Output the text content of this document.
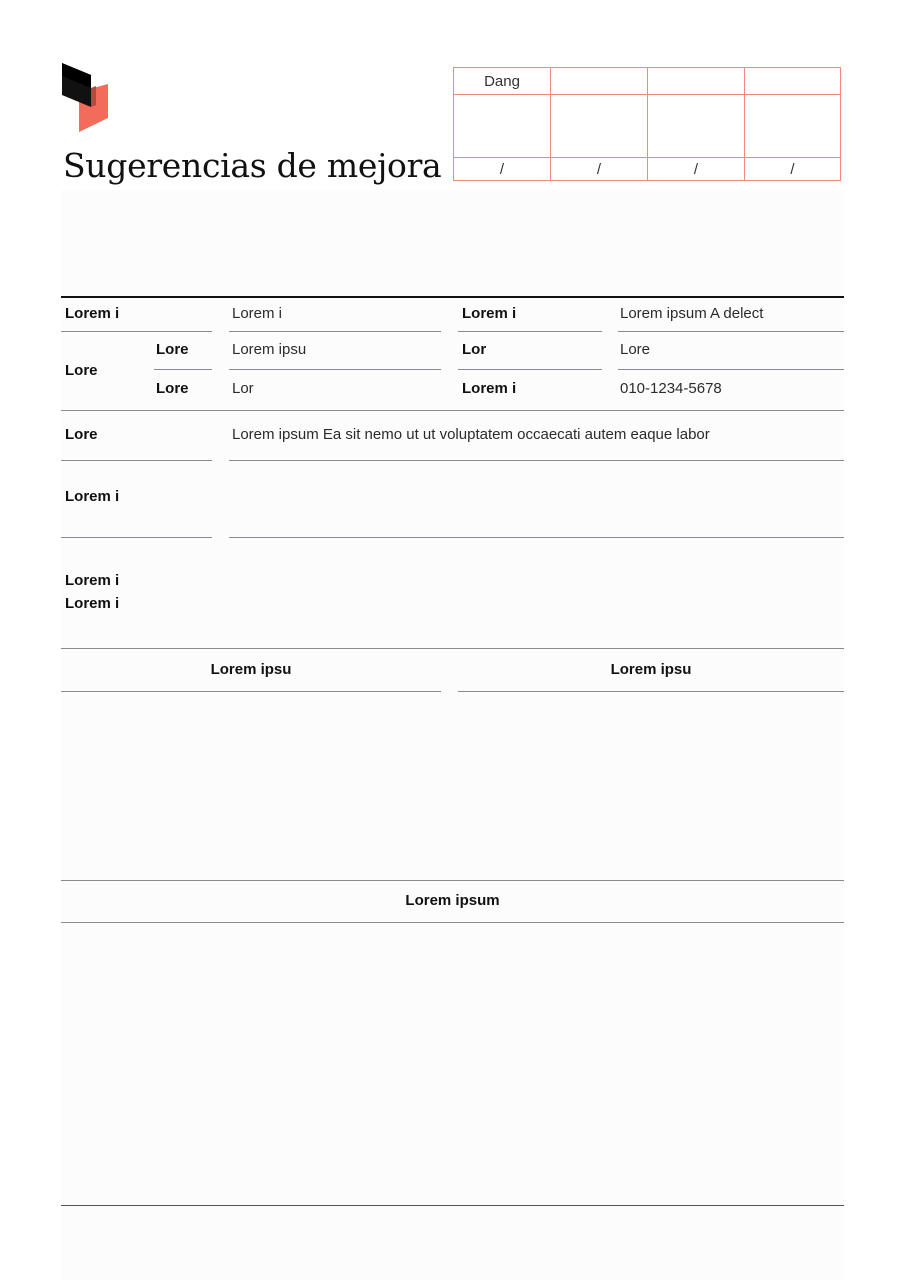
Sugerencias de mejora
Dang
/	/	/	/
Lorem i	Lorem i	Lorem i	Lorem ipsum A delect
Lore
Lore	Lorem ipsu	Lor	Lore
Lore	Lor	Lorem i	010-1234-5678
Lore	Lorem ipsum Ea sit nemo ut ut voluptatem occaecati autem eaque labor
Lorem i
Lorem i
Lorem i
Lorem ipsu	Lorem ipsu
Lorem ipsum
